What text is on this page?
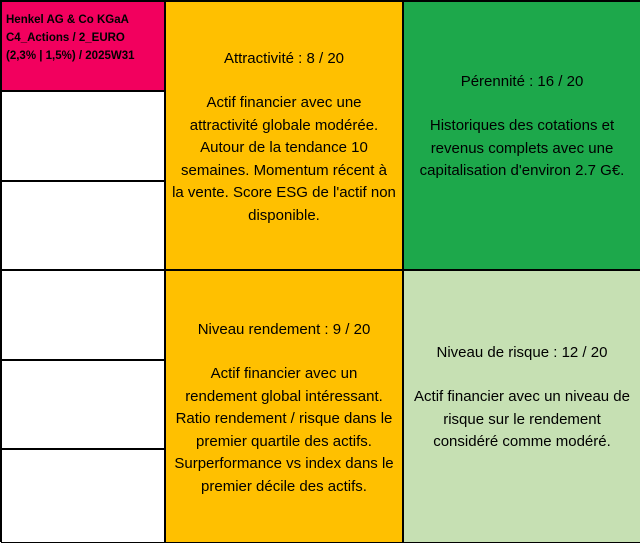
Henkel AG & Co KGaA
C4_Actions / 2_EURO
(2,3% | 1,5%) / 2025W31	Attractivité : 8 / 20
Actif financier avec une
attractivité globale modérée.
Autour de la tendance 10
semaines. Momentum récent à
la vente. Score ESG de l'actif non
disponible.
Pérennité : 16 / 20
Historiques des cotations et
revenus complets avec une
capitalisation d'environ 2.7 G€.
Niveau rendement : 9 / 20
Actif financier avec un
rendement global intéressant.
Ratio rendement / risque dans le
premier quartile des actifs.
Surperformance vs index dans le
premier décile des actifs.
Niveau de risque : 12 / 20
Actif financier avec un niveau de
risque sur le rendement
considéré comme modéré.
